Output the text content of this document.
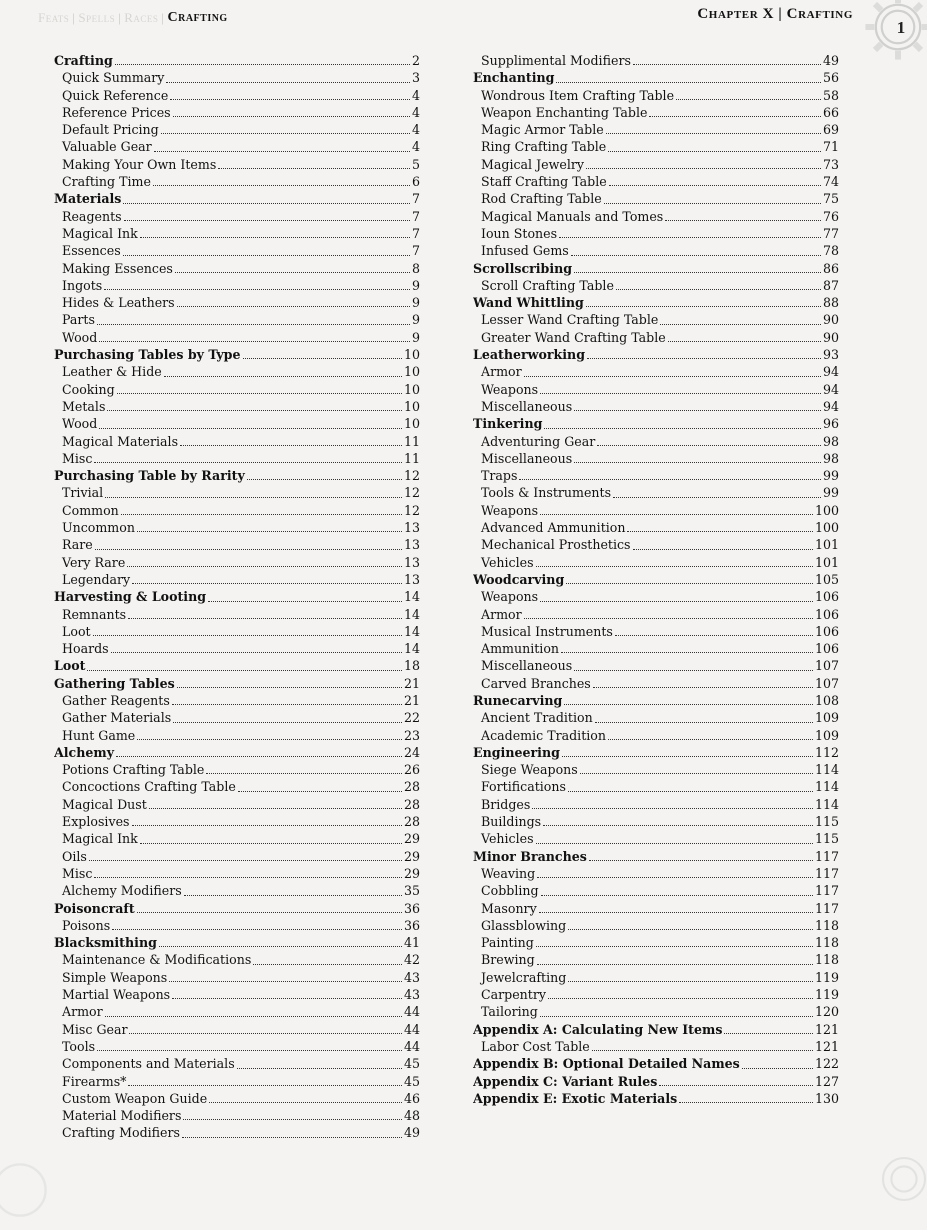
Feats | Spells | Races | Crafting	Chapter X | Crafting
1
Crafting	2
Quick Summary	3
Quick Reference	4
Reference Prices	4
Default Pricing	4
Valuable Gear	4
Making Your Own Items	5
Crafting Time	6
Materials	7
Reagents	7
Magical Ink	7
Essences	7
Making Essences	8
Ingots	9
Hides & Leathers	9
Parts	9
Wood	9
Purchasing Tables by Type	10
Leather & Hide	10
Cooking	10
Metals	10
Wood	10
Magical Materials	11
Misc	11
Purchasing Table by Rarity	12
Trivial	12
Common	12
Uncommon	13
Rare	13
Very Rare	13
Legendary	13
Harvesting & Looting	14
Remnants	14
Loot	14
Hoards	14
Loot	18
Gathering Tables	21
Gather Reagents	21
Gather Materials	22
Hunt Game	23
Alchemy	24
Potions Crafting Table	26
Concoctions Crafting Table	28
Magical Dust	28
Explosives	28
Magical Ink	29
Oils	29
Misc	29
Alchemy Modifiers	35
Poisoncraft	36
Poisons	36
Blacksmithing	41
Maintenance & Modifications	42
Simple Weapons	43
Martial Weapons	43
Armor	44
Misc Gear	44
Tools	44
Components and Materials	45
Firearms*	45
Custom Weapon Guide	46
Material Modifiers	48
Crafting Modifiers	49
Supplimental Modifiers	49
Enchanting	56
Wondrous Item Crafting Table	58
Weapon Enchanting Table	66
Magic Armor Table	69
Ring Crafting Table	71
Magical Jewelry	73
Staff Crafting Table	74
Rod Crafting Table	75
Magical Manuals and Tomes	76
Ioun Stones	77
Infused Gems	78
Scrollscribing	86
Scroll Crafting Table	87
Wand Whittling	88
Lesser Wand Crafting Table	90
Greater Wand Crafting Table	90
Leatherworking	93
Armor	94
Weapons	94
Miscellaneous	94
Tinkering	96
Adventuring Gear	98
Miscellaneous	98
Traps	99
Tools & Instruments	99
Weapons	100
Advanced Ammunition	100
Mechanical Prosthetics	101
Vehicles	101
Woodcarving	105
Weapons	106
Armor	106
Musical Instruments	106
Ammunition	106
Miscellaneous	107
Carved Branches	107
Runecarving	108
Ancient Tradition	109
Academic Tradition	109
Engineering	112
Siege Weapons	114
Fortifications	114
Bridges	114
Buildings	115
Vehicles	115
Minor Branches	117
Weaving	117
Cobbling	117
Masonry	117
Glassblowing	118
Painting	118
Brewing	118
Jewelcrafting	119
Carpentry	119
Tailoring	120
Appendix A: Calculating New Items	121
Labor Cost Table	121
Appendix B: Optional Detailed Names	122
Appendix C: Variant Rules	127
Appendix E: Exotic Materials	130
